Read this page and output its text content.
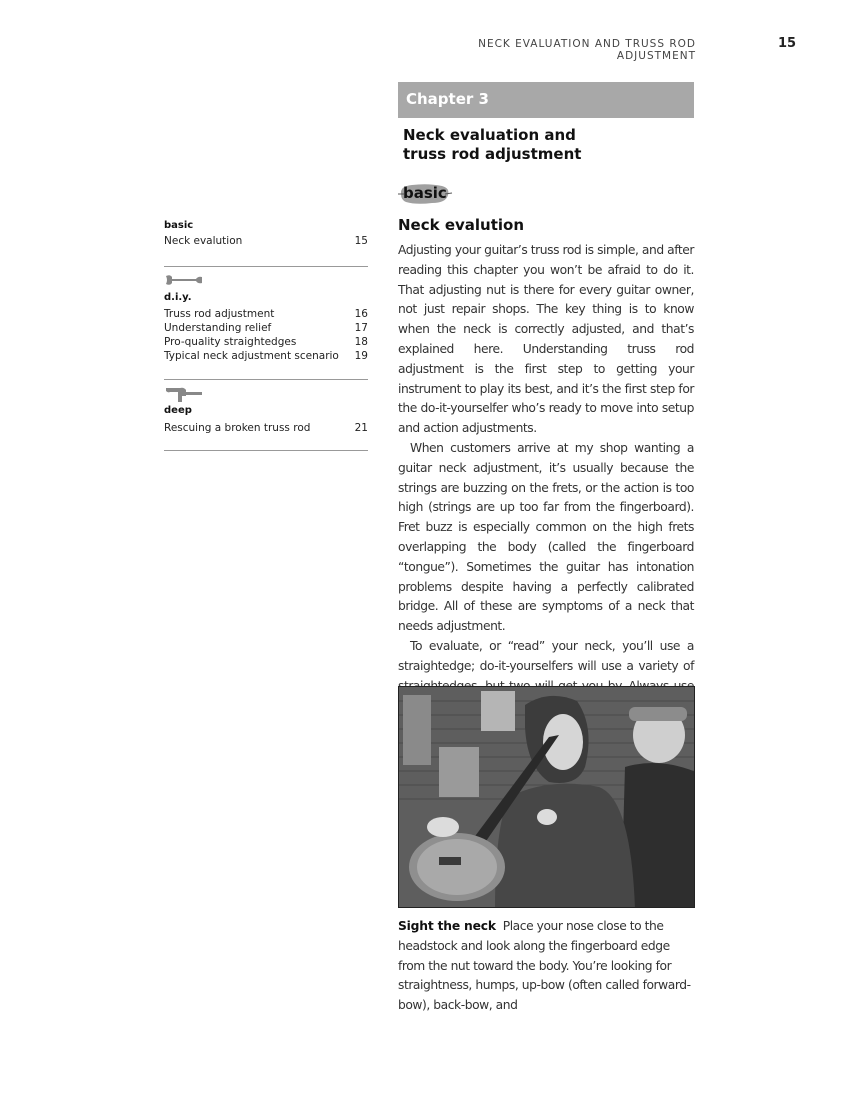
NECK EVALUATION AND TRUSS ROD ADJUSTMENT
15
Chapter 3
Neck evaluation and
truss rod adjustment
basic
Neck evalution

Adjusting your guitar’s truss rod is simple, and after reading this chapter you won’t be afraid to do it. That adjusting nut is there for every guitar owner, not just repair shops. The key thing is to know when the neck is correctly adjusted, and that’s explained here. Understanding truss rod adjustment is the first step to getting your instrument to play its best, and it’s the first step for the do-it-yourselfer who’s ready to move into setup and action adjustments.

When customers arrive at my shop wanting a guitar neck adjustment, it’s usually because the strings are buzzing on the frets, or the action is too high (strings are up too far from the fingerboard). Fret buzz is especially common on the high frets overlapping the body (called the fingerboard “tongue”). Sometimes the guitar has intonation problems despite having a perfectly calibrated bridge. All of these are symptoms of a neck that needs adjustment.

To evaluate, or “read” your neck, you’ll use a straightedge; do-it-yourselfers will use a variety of

Sight the neck Place your nose close to the headstock and look along the fingerboard edge from the nut toward the body. You’re looking for straightness, humps, up-bow (often called forward-bow), back-bow, and
basic
Neck evalution	15
d.i.y.
Truss rod adjustment	16
Understanding relief	17
Pro-quality straightedges	18
Typical neck adjustment scenario 19
deep
Rescuing a broken truss rod	21
